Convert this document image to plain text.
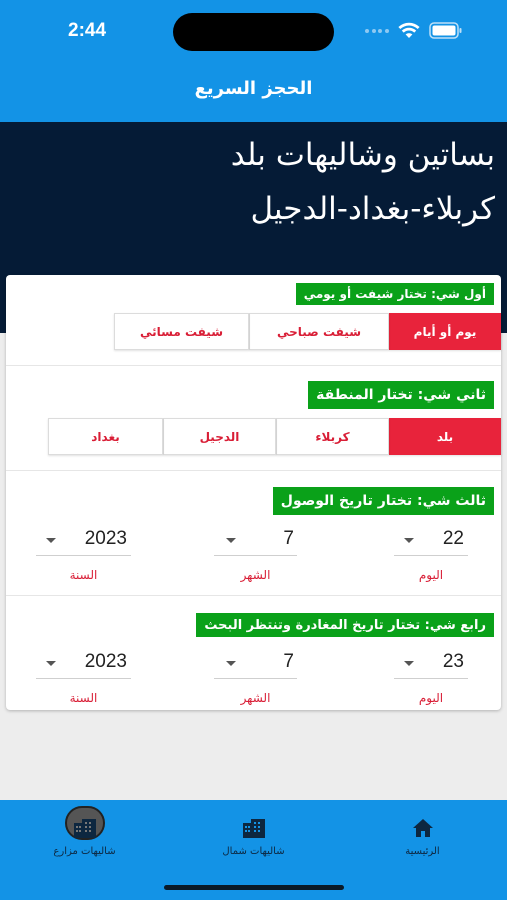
2:44
الحجز السريع
بساتين وشاليهات بلد
كربلاء-بغداد-الدجيل
أول شي: تختار شيفت أو يومي
يوم أو أيام
شيفت صباحي
شيفت مسائي
ثاني شي: تختار المنطقة
بلد
كربلاء
الدجيل
بغداد
ثالث شي: تختار تاريخ الوصول
22
اليوم
7
الشهر
2023
السنة
رابع شي: تختار تاريخ المغادرة وتنتظر البحث
23
اليوم
7
الشهر
2023
السنة
الرئيسية
شاليهات شمال
شاليهات مزارع
